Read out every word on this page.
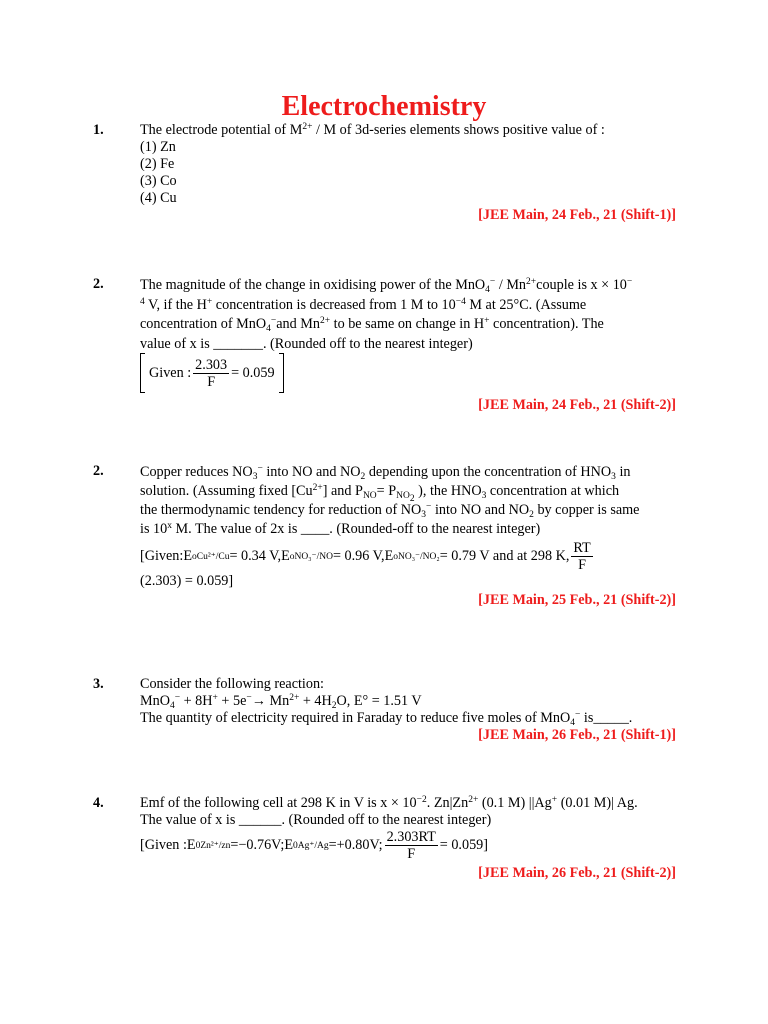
Electrochemistry
1.	The electrode potential of $M^{2+}$ / M of 3d-series elements shows positive value of :
(1) Zn
(2) Fe
(3) Co
(4) Cu
[JEE Main, 24 Feb., 21 (Shift-1)]
2.	The magnitude of the change in oxidising power of the $MnO_4^- / Mn^{2+}couple$ is x × 10−
$^4$ V, if the H+ concentration is decreased from 1 M to $10^{-4}$ M at 25°C. (Assume
concentration of MnO$_4$−and $Mn^{2+}$ to be same on change in H+ concentration). The
value of x is _______. (Rounded off to the nearest integer)
Given : $\frac{2.303}{F} = 0.059$
[JEE Main, 24 Feb., 21 (Shift-2)]
2.	Copper reduces $NO_3^-$ into NO and $NO_2$ depending upon the concentration of $HNO_3$ in
solution. (Assuming fixed $[Cu^{2+}]$ and $P_{NO}= P_{NO_2}$ ), the $HNO_3$ concentration at which
the thermodynamic tendency for reduction of $NO_3^-$ into NO and $NO_2$ by copper is same
is 10$^x$ M. The value of 2x is ____. (Rounded-off to the nearest integer)
[Given: E o Cu²⁺/Cu = 0.34 V, E o NO₃⁻/NO = 0.96 V, E o NO₃⁻/NO₂ = 0.79 V and at 298 K, $\frac{RT}{F}$
(2.303) = 0.059]
[JEE Main, 25 Feb., 21 (Shift-2)]
3.	Consider the following reaction:
$MnO_4^- + 8H^+ + 5e^-\to Mn^{2+} + 4H_2O$, E° = 1.51 V
The quantity of electricity required in Faraday to reduce five moles of MnO$_4$− is_____.
[JEE Main, 26 Feb., 21 (Shift-1)]
4.	Emf of the following cell at 298 K in V is $x \times 10^{-2}$. $Zn|Zn^{2+}$ (0.1 M) ||Ag+ (0.01 M)| Ag.
The value of x is ______. (Rounded off to the nearest integer)
[Given : E 0 Zn²⁺/zn =−0.76V; E 0 Ag⁺/Ag =+0.80V; $\frac{2.303RT}{F} = 0.059$]
[JEE Main, 26 Feb., 21 (Shift-2)]
